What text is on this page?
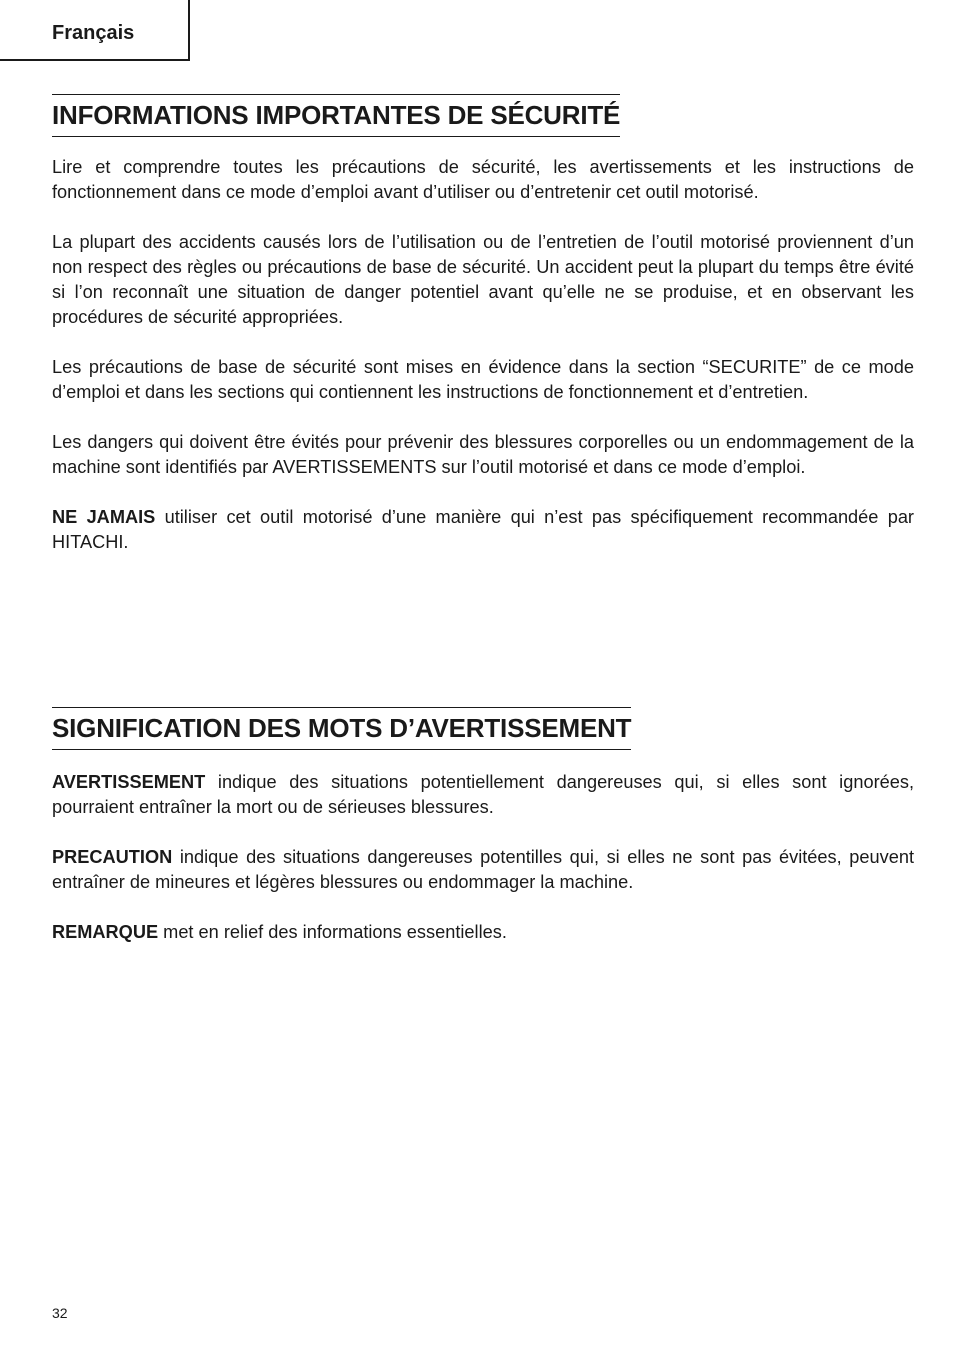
Français
INFORMATIONS IMPORTANTES DE SÉCURITÉ

Lire et comprendre toutes les précautions de sécurité, les avertissements et les instructions de fonctionnement dans ce mode d’emploi avant d’utiliser ou d’entretenir cet outil motorisé.

La plupart des accidents causés lors de l’utilisation ou de l’entretien de l’outil motorisé proviennent d’un non respect des règles ou précautions de base de sécurité. Un accident peut la plupart du temps être évité si l’on reconnaît une situation de danger potentiel avant qu’elle ne se produise, et en observant les procédures de sécurité appropriées.

Les précautions de base de sécurité sont mises en évidence dans la section “SECURITE” de ce mode d’emploi et dans les sections qui contiennent les instructions de fonctionnement et d’entretien.

Les dangers qui doivent être évités pour prévenir des blessures corporelles ou un endommagement de la machine sont identifiés par AVERTISSEMENTS sur l’outil motorisé et dans ce mode d’emploi.

NE JAMAIS utiliser cet outil motorisé d’une manière qui n’est pas spécifiquement recommandée par HITACHI.

SIGNIFICATION DES MOTS D’AVERTISSEMENT

AVERTISSEMENT indique des situations potentiellement dangereuses qui, si elles sont ignorées, pourraient entraîner la mort ou de sérieuses blessures.

PRECAUTION indique des situations dangereuses potentilles qui, si elles ne sont pas évitées, peuvent entraîner de mineures et légères blessures ou endommager la machine.

REMARQUE met en relief des informations essentielles.

32
